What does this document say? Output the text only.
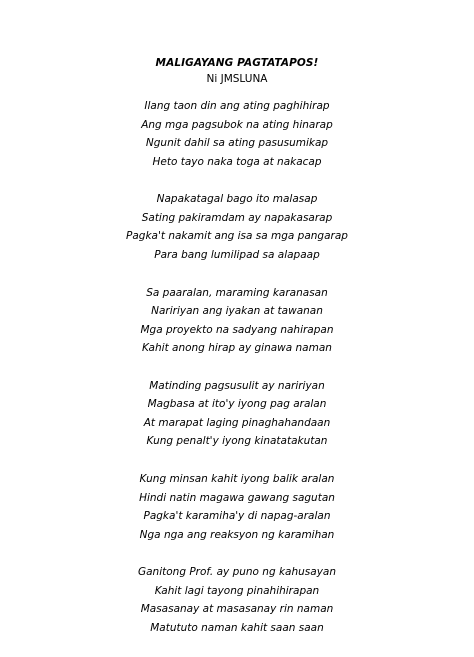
MALIGAYANG PAGTATAPOS!
Ni JMSLUNA
Ilang taon din ang ating paghihirap
Ang mga pagsubok na ating hinarap
Ngunit dahil sa ating pasusumikap
Heto tayo naka toga at nakacap
Napakatagal bago ito malasap
Sating pakiramdam ay napakasarap
Pagka't nakamit ang isa sa mga pangarap
Para bang lumilipad sa alapaap
Sa paaralan, maraming karanasan
Naririyan ang iyakan at tawanan
Mga proyekto na sadyang nahirapan
Kahit anong hirap ay ginawa naman
Matinding pagsusulit ay naririyan
Magbasa at ito'y iyong pag aralan
At marapat laging pinaghahandaan
Kung penalt'y iyong kinatatakutan
Kung minsan kahit iyong balik aralan
Hindi natin magawa gawang sagutan
Pagka't karamiha'y di napag-aralan
Nga nga ang reaksyon ng karamihan
Ganitong Prof. ay puno ng kahusayan
Kahit lagi tayong pinahihirapan
Masasanay at masasanay rin naman
Matututo naman kahit saan saan
